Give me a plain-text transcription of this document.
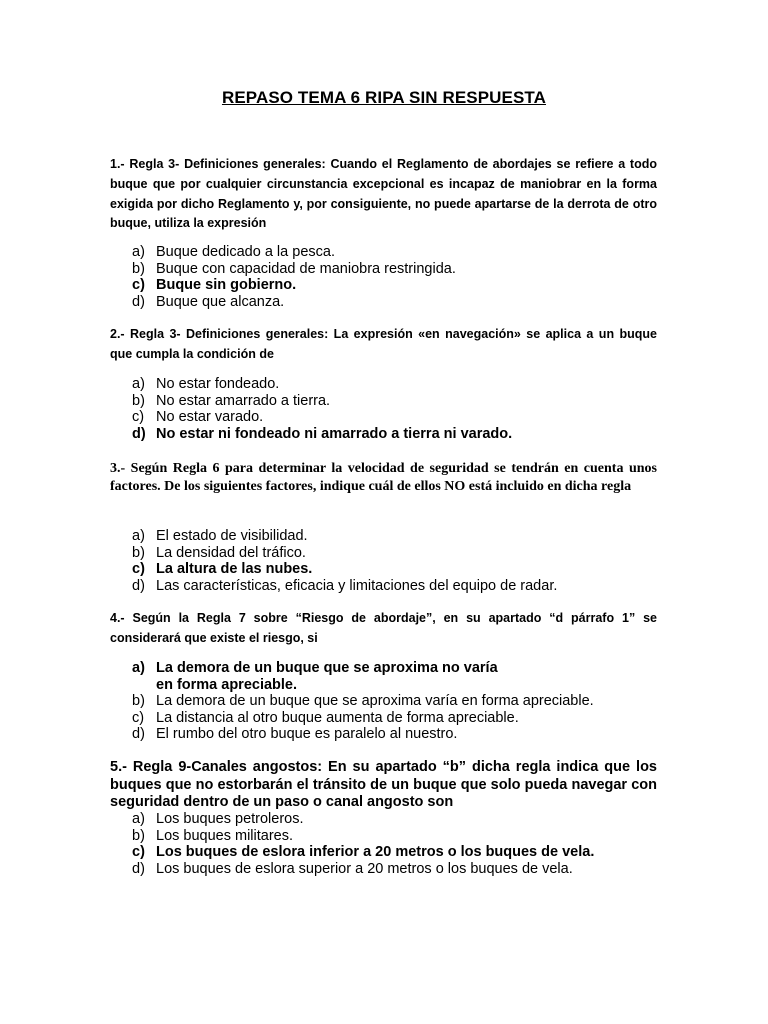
REPASO TEMA 6 RIPA SIN RESPUESTA
1.- Regla 3- Definiciones generales: Cuando el Reglamento de abordajes se refiere a todo buque que por cualquier circunstancia excepcional es incapaz de maniobrar en la forma exigida por dicho Reglamento y, por consiguiente, no puede apartarse de la derrota de otro buque, utiliza la expresión
a) Buque dedicado a la pesca.
b) Buque con capacidad de maniobra restringida.
c) Buque sin gobierno.
d) Buque que alcanza.
2.- Regla 3- Definiciones generales: La expresión «en navegación» se aplica a un buque que cumpla la condición de
a) No estar fondeado.
b) No estar amarrado a tierra.
c) No estar varado.
d) No estar ni fondeado ni amarrado a tierra ni varado.
3.- Según Regla 6 para determinar la velocidad de seguridad se tendrán en cuenta unos factores. De los siguientes factores, indique cuál de ellos NO está incluido en dicha regla
a) El estado de visibilidad.
b) La densidad del tráfico.
c) La altura de las nubes.
d) Las características, eficacia y limitaciones del equipo de radar.
4.- Según la Regla 7 sobre “Riesgo de abordaje”, en su apartado “d párrafo 1” se considerará que existe el riesgo, si
a) La demora de un buque que se aproxima no varía en forma apreciable.
b) La demora de un buque que se aproxima varía en forma apreciable.
c) La distancia al otro buque aumenta de forma apreciable.
d) El rumbo del otro buque es paralelo al nuestro.
5.- Regla 9-Canales angostos: En su apartado “b” dicha regla indica que los buques que no estorbarán el tránsito de un buque que solo pueda navegar con seguridad dentro de un paso o canal angosto son
a) Los buques petroleros.
b) Los buques militares.
c) Los buques de eslora inferior a 20 metros o los buques de vela.
d) Los buques de eslora superior a 20 metros o los buques de vela.
